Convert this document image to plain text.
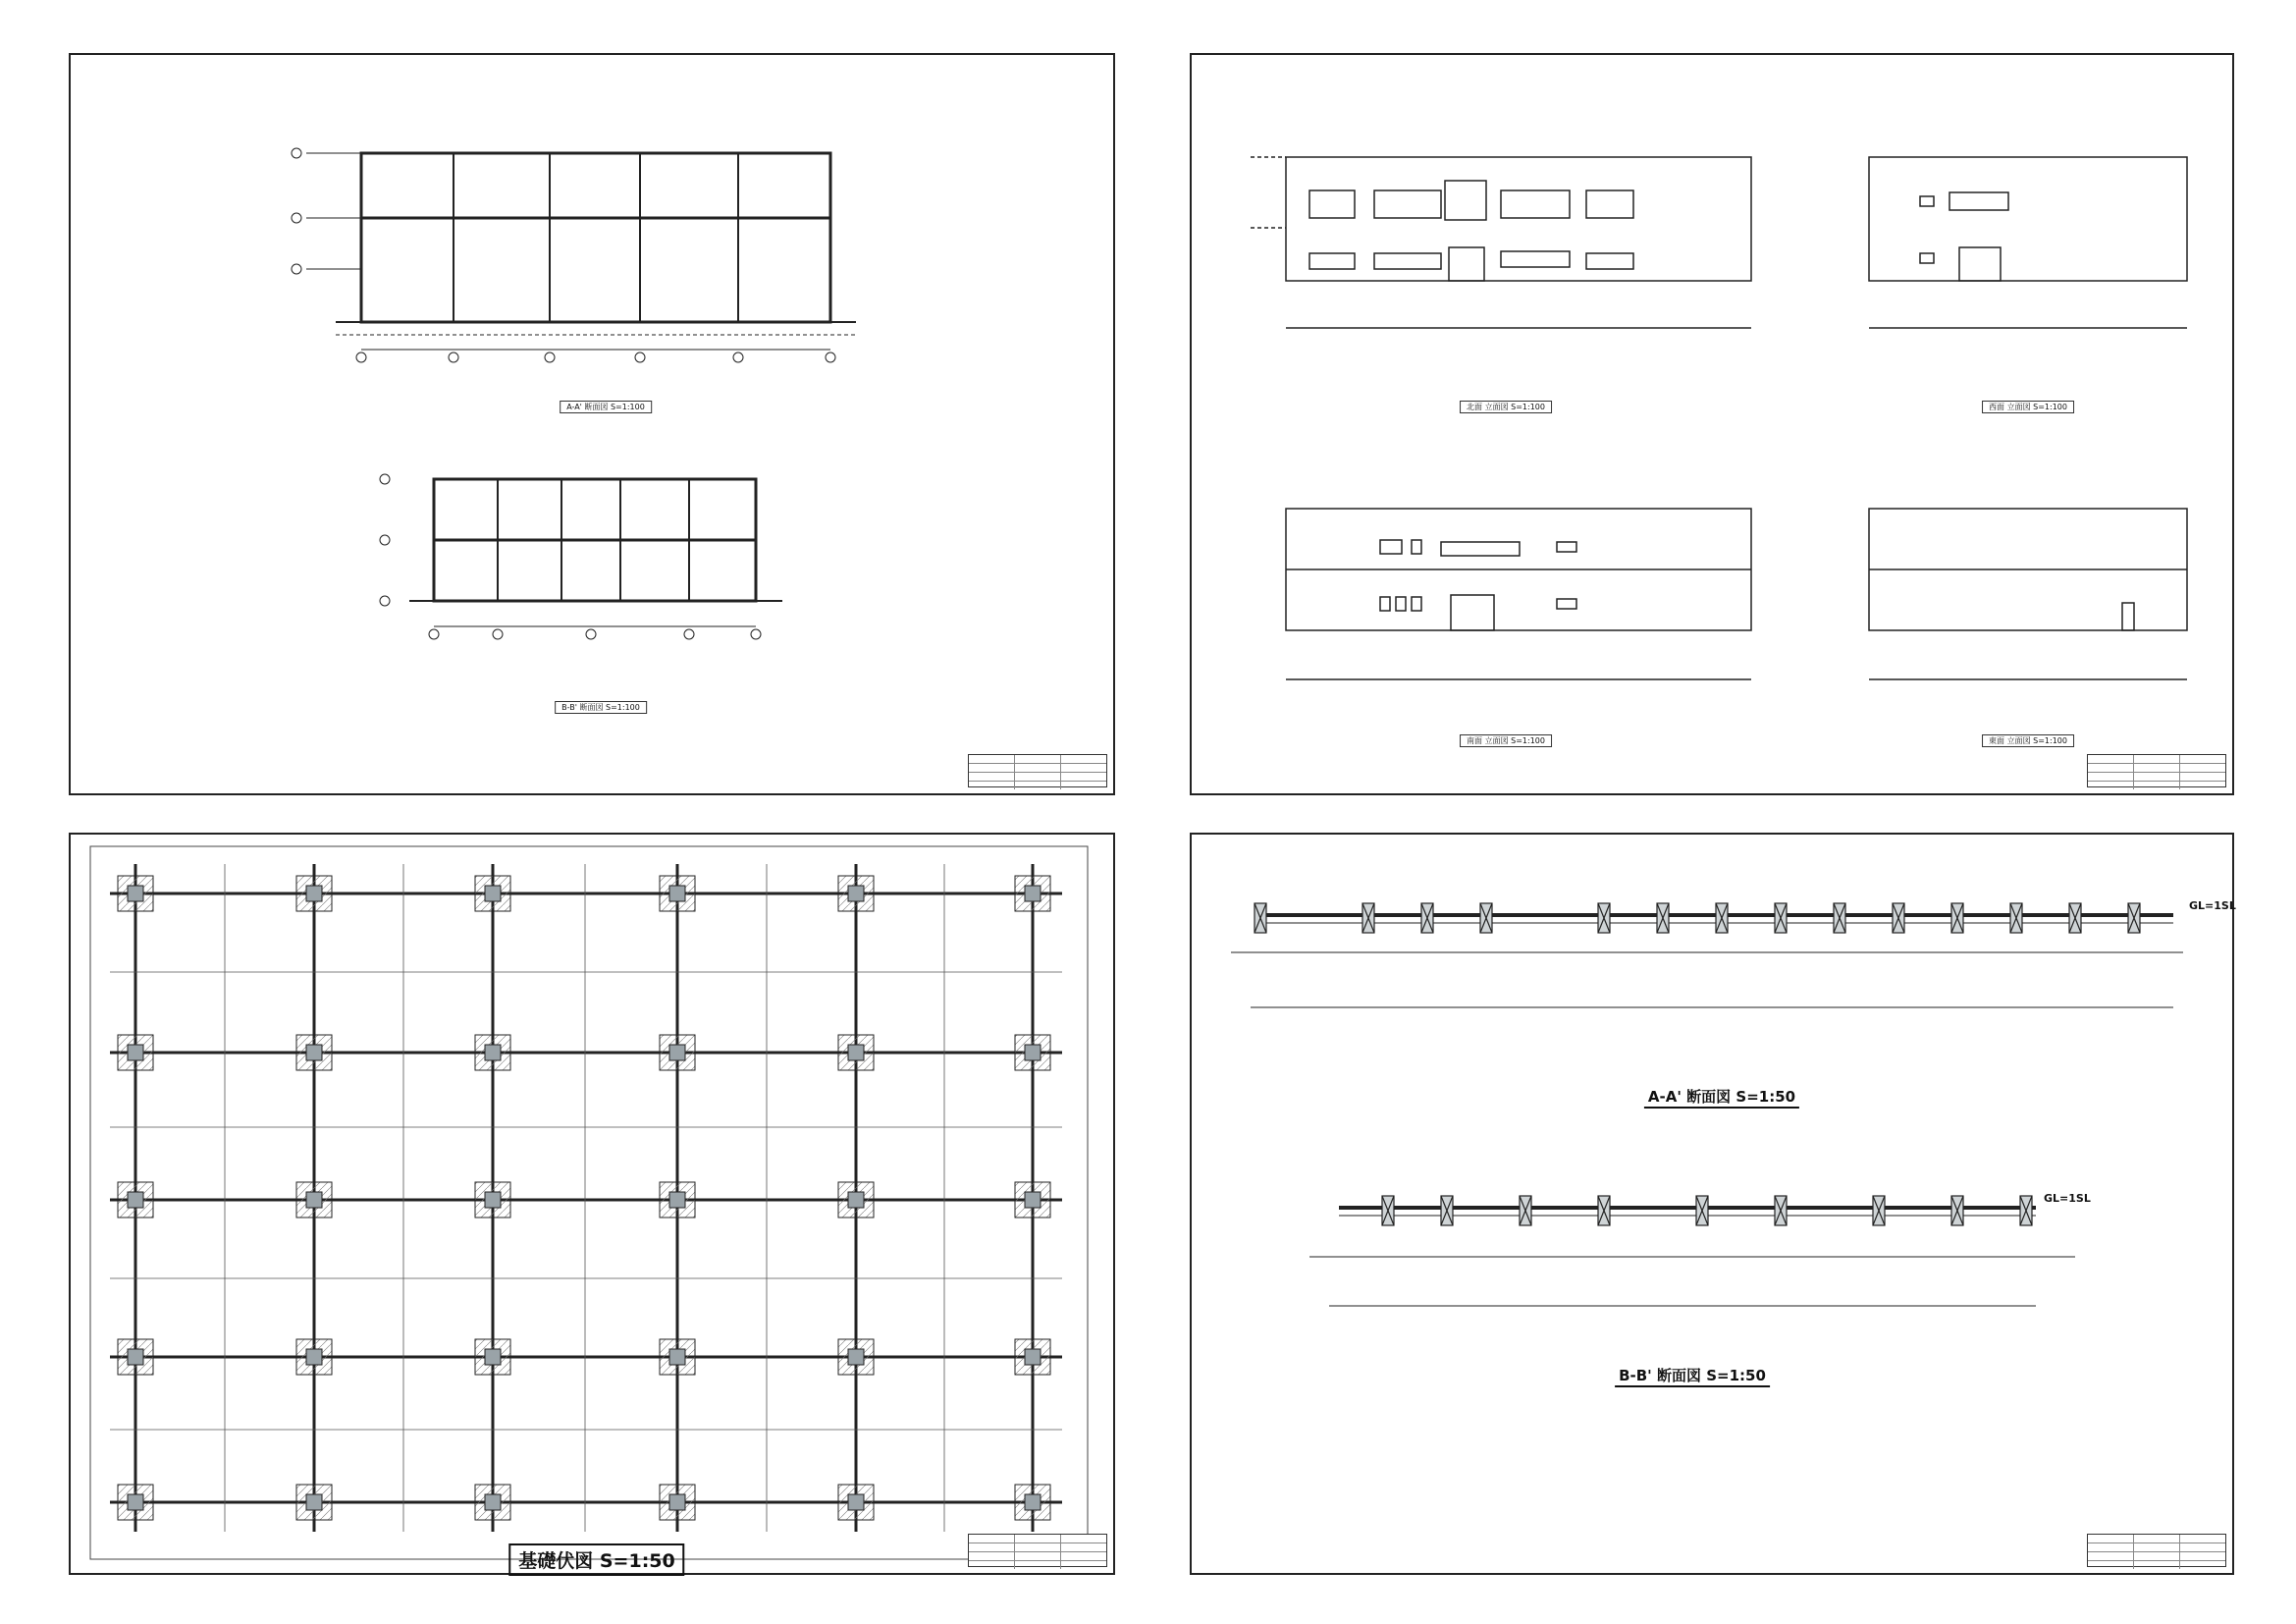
A-A' 断面図 S=1:100
B-B' 断面図 S=1:100
北面 立面図 S=1:100	西面 立面図 S=1:100
南面 立面図 S=1:100	東面 立面図 S=1:100
基礎伏図 S=1:50
GL=1SL
GL=1SL
A-A' 断面図 S=1:50
B-B' 断面図 S=1:50
